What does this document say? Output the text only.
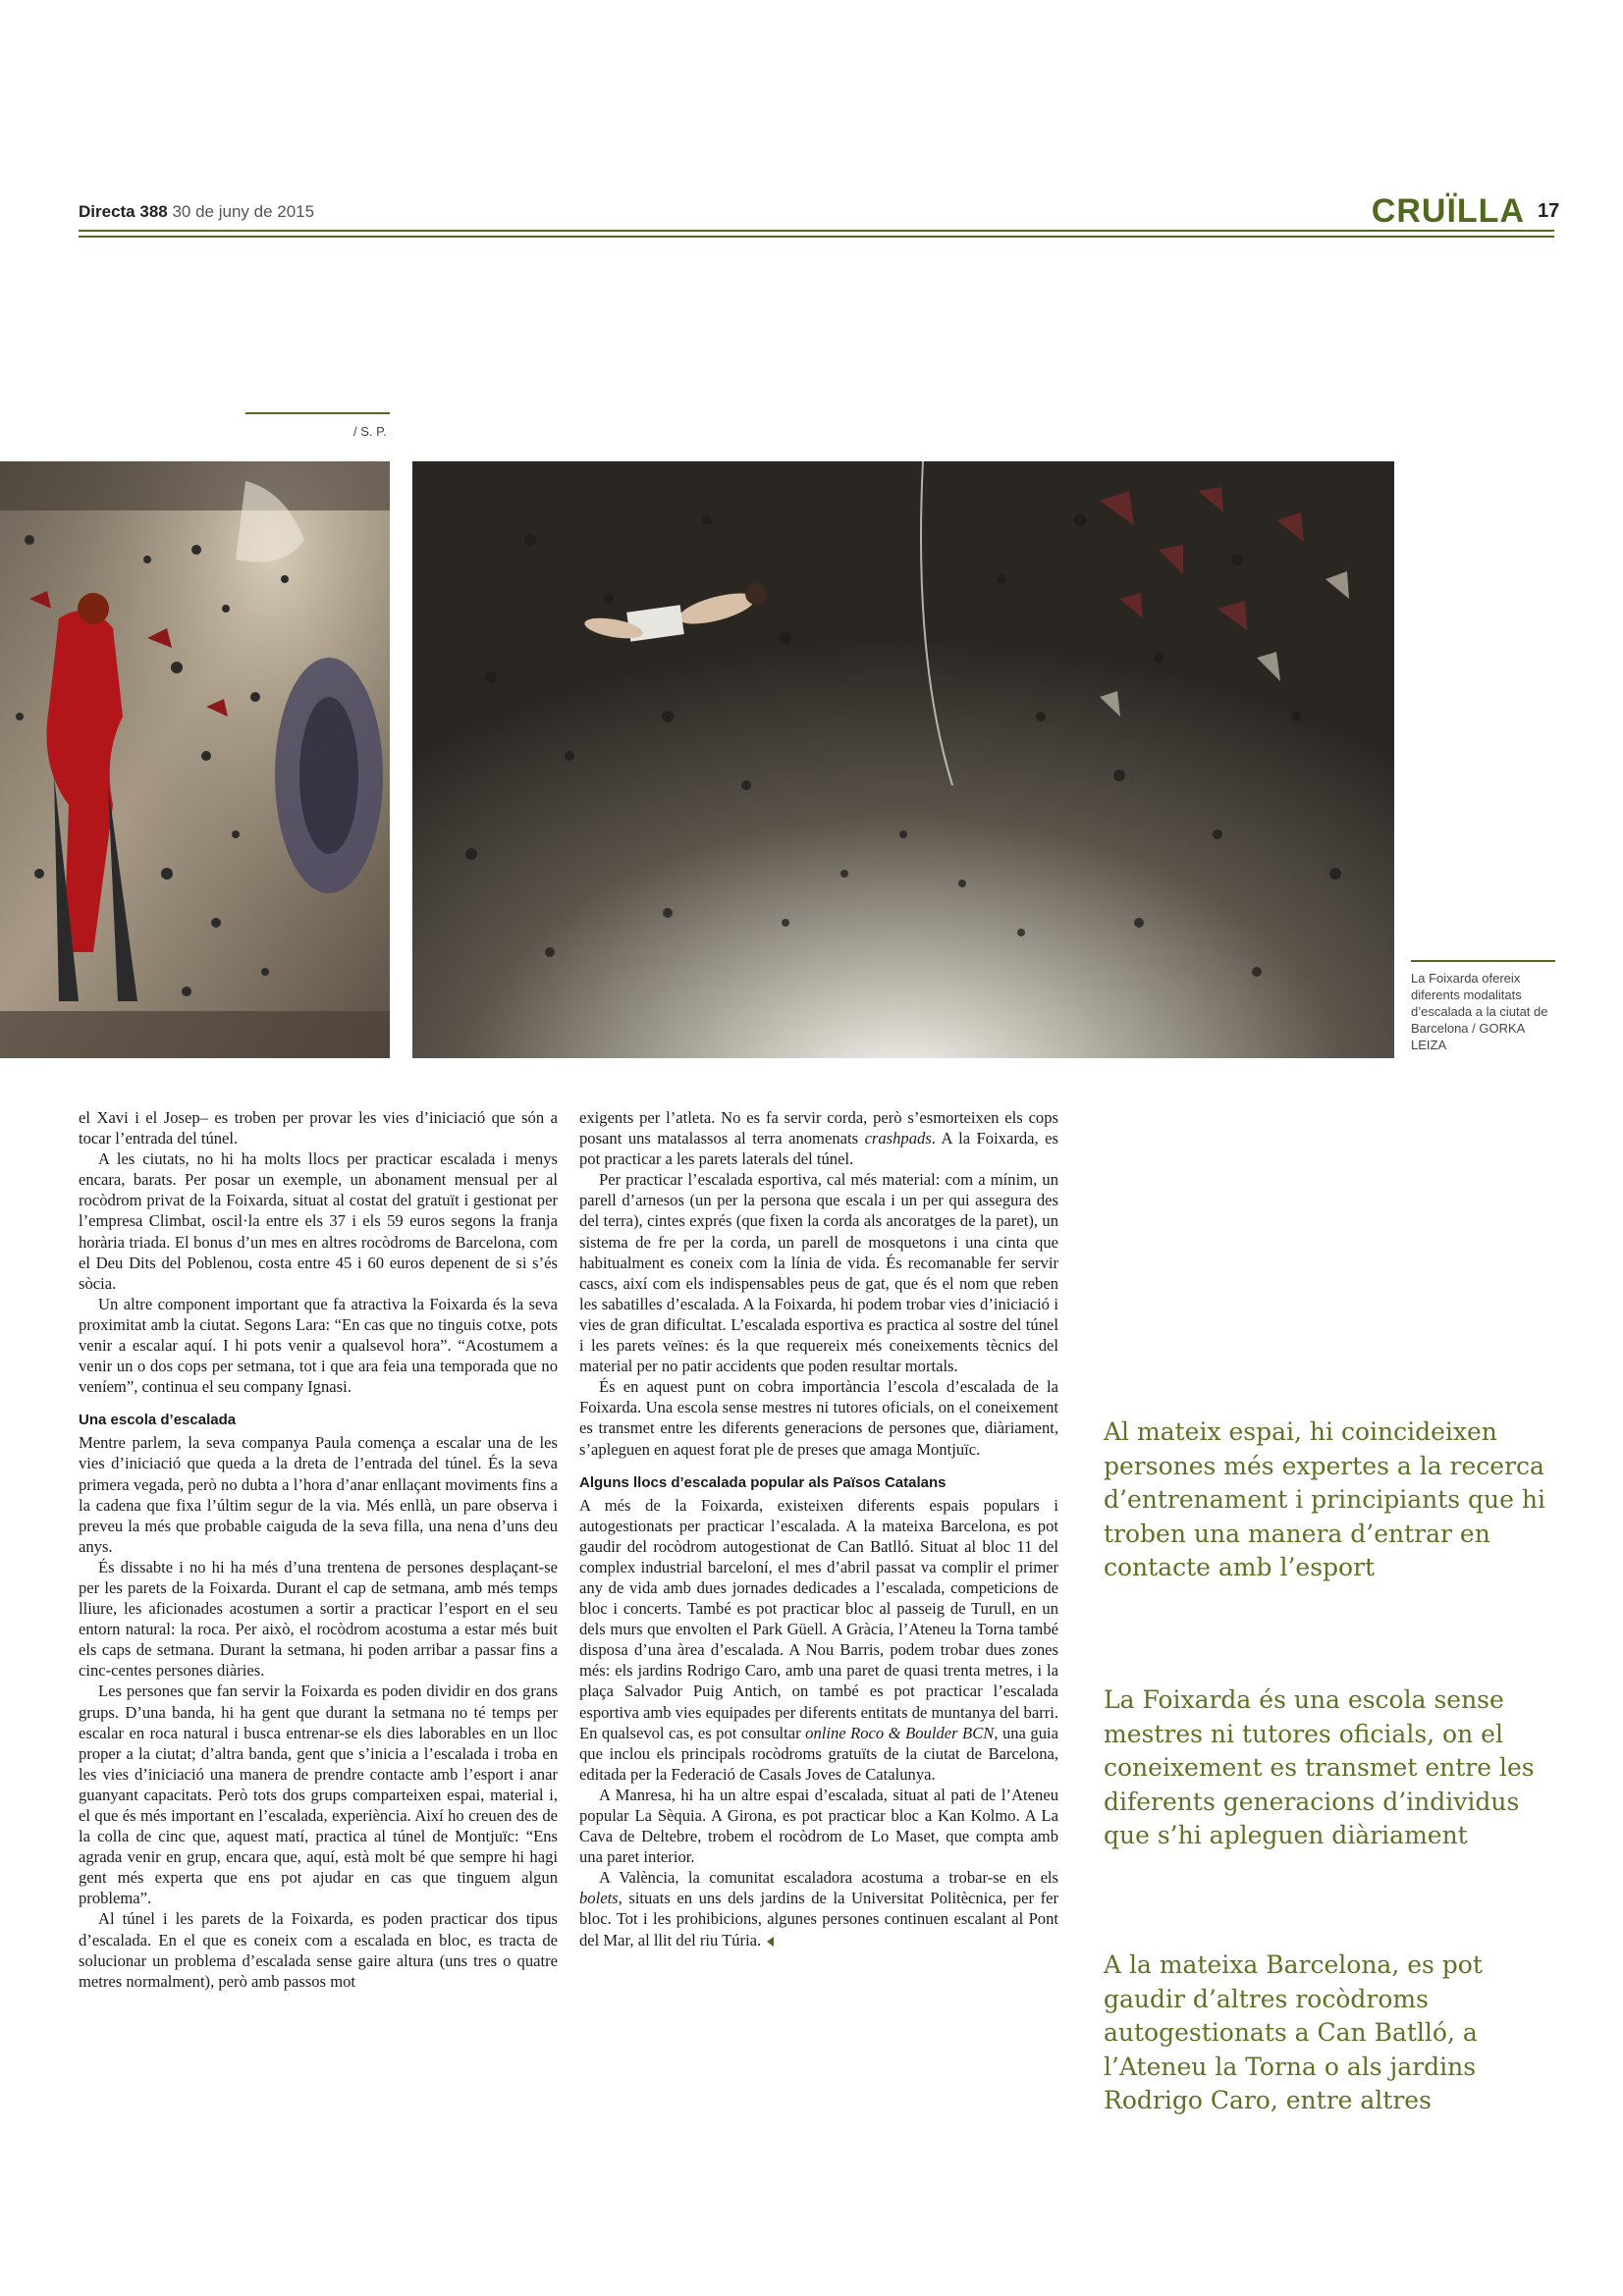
Directa 388 30 de juny de 2015	CRUÏLLA 17
/ S. P.
La Foixarda ofereix diferents modalitats d’escalada a la ciutat de Barcelona / GORKA LEIZA

el Xavi i el Josep– es troben per provar les vies d’iniciació que són a tocar l’entrada del túnel.

A les ciutats, no hi ha molts llocs per practicar escalada i menys encara, barats. Per posar un exemple, un abonament mensual per al rocòdrom privat de la Foixarda, situat al costat del gratuït i gestionat per l’empresa Climbat, oscil·la entre els 37 i els 59 euros segons la franja horària triada. El bonus d’un mes en altres rocòdroms de Barcelona, com el Deu Dits del Poblenou, costa entre 45 i 60 euros depenent de si s’és sòcia.

Un altre component important que fa atractiva la Foixarda és la seva proximitat amb la ciutat. Segons Lara: “En cas que no tinguis cotxe, pots venir a escalar aquí. I hi pots venir a qualsevol hora”. “Acostumem a venir un o dos cops per setmana, tot i que ara feia una temporada que no veníem”, continua el seu company Ignasi.

Una escola d’escalada

Mentre parlem, la seva companya Paula comença a escalar una de les vies d’iniciació que queda a la dreta de l’entrada del túnel. És la seva primera vegada, però no dubta a l’hora d’anar enllaçant moviments fins a la cadena que fixa l’últim segur de la via. Més enllà, un pare observa i preveu la més que probable caiguda de la seva filla, una nena d’uns deu anys.

És dissabte i no hi ha més d’una trentena de persones desplaçant-se per les parets de la Foixarda. Durant el cap de setmana, amb més temps lliure, les aficionades acostumen a sortir a practicar l’esport en el seu entorn natural: la roca. Per això, el rocòdrom acostuma a estar més buit els caps de setmana. Durant la setmana, hi poden arribar a passar fins a cinc-centes persones diàries.

Les persones que fan servir la Foixarda es poden dividir en dos grans grups. D’una banda, hi ha gent que durant la setmana no té temps per escalar en roca natural i busca entrenar-se els dies laborables en un lloc proper a la ciutat; d’altra banda, gent que s’inicia a l’escalada i troba en les vies d’iniciació una manera de prendre contacte amb l’esport i anar guanyant capacitats. Però tots dos grups comparteixen espai, material i, el que és més important en l’escalada, experiència. Així ho creuen des de la colla de cinc que, aquest matí, practica al túnel de Montjuïc: “Ens agrada venir en grup, encara que, aquí, està molt bé que sempre hi hagi gent més experta que ens pot ajudar en cas que tinguem algun problema”.

Al túnel i les parets de la Foixarda, es poden practicar dos tipus d’escalada. En el que es coneix com a escalada en bloc, es tracta de solucionar un problema d’escalada sense gaire altura (uns tres o quatre metres normalment), però amb passos mot

exigents per l’atleta. No es fa servir corda, però s’esmorteixen els cops posant uns matalassos al terra anomenats crashpads. A la Foixarda, es pot practicar a les parets laterals del túnel.

Per practicar l’escalada esportiva, cal més material: com a mínim, un parell d’arnesos (un per la persona que escala i un per qui assegura des del terra), cintes exprés (que fixen la corda als ancoratges de la paret), un sistema de fre per la corda, un parell de mosquetons i una cinta que habitualment es coneix com la línia de vida. És recomanable fer servir cascs, així com els indispensables peus de gat, que és el nom que reben les sabatilles d’escalada. A la Foixarda, hi podem trobar vies d’iniciació i vies de gran dificultat. L’escalada esportiva es practica al sostre del túnel i les parets veïnes: és la que requereix més coneixements tècnics del material per no patir accidents que poden resultar mortals.

És en aquest punt on cobra importància l’escola d’escalada de la Foixarda. Una escola sense mestres ni tutores oficials, on el coneixement es transmet entre les diferents generacions de persones que, diàriament, s’apleguen en aquest forat ple de preses que amaga Montjuïc.

Alguns llocs d’escalada popular als Països Catalans

A més de la Foixarda, existeixen diferents espais populars i autogestionats per practicar l’escalada. A la mateixa Barcelona, es pot gaudir del rocòdrom autogestionat de Can Batlló. Situat al bloc 11 del complex industrial barceloní, el mes d’abril passat va complir el primer any de vida amb dues jornades dedicades a l’escalada, competicions de bloc i concerts. També es pot practicar bloc al passeig de Turull, en un dels murs que envolten el Park Güell. A Gràcia, l’Ateneu la Torna també disposa d’una àrea d’escalada. A Nou Barris, podem trobar dues zones més: els jardins Rodrigo Caro, amb una paret de quasi trenta metres, i la plaça Salvador Puig Antich, on també es pot practicar l’escalada esportiva amb vies equipades per diferents entitats de muntanya del barri. En qualsevol cas, es pot consultar online Roco & Boulder BCN, una guia que inclou els principals rocòdroms gratuïts de la ciutat de Barcelona, editada per la Federació de Casals Joves de Catalunya.

A Manresa, hi ha un altre espai d’escalada, situat al pati de l’Ateneu popular La Sèquia. A Girona, es pot practicar bloc a Kan Kolmo. A La Cava de Deltebre, trobem el rocòdrom de Lo Maset, que compta amb una paret interior.

A València, la comunitat escaladora acostuma a trobar-se en els bolets, situats en uns dels jardins de la Universitat Politècnica, per fer bloc. Tot i les prohibicions, algunes persones continuen escalant al Pont del Mar, al llit del riu Túria.

Al mateix espai, hi coincideixen persones més expertes a la recerca d’entrenament i principiants que hi troben una manera d’entrar en contacte amb l’esport
La Foixarda és una escola sense mestres ni tutores oficials, on el coneixement es transmet entre les diferents generacions d’individus que s’hi apleguen diàriament
A la mateixa Barcelona, es pot gaudir d’altres rocòdroms autogestionats a Can Batlló, a l’Ateneu la Torna o als jardins Rodrigo Caro, entre altres
